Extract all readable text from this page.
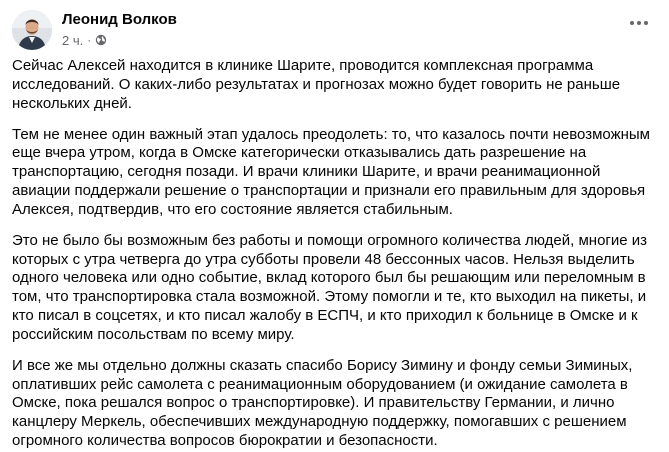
Леонид Волков
2 ч. ·

Сейчас Алексей находится в клинике Шарите, проводится комплексная программа исследований. О каких-либо результатах и прогнозах можно будет говорить не раньше нескольких дней.

Тем не менее один важный этап удалось преодолеть: то, что казалось почти невозможным еще вчера утром, когда в Омске категорически отказывались дать разрешение на транспортацию, сегодня позади. И врачи клиники Шарите, и врачи реанимационной авиации поддержали решение о транспортации и признали его правильным для здоровья Алексея, подтвердив, что его состояние является стабильным.

Это не было бы возможным без работы и помощи огромного количества людей, многие из которых с утра четверга до утра субботы провели 48 бессонных часов. Нельзя выделить одного человека или одно событие, вклад которого был бы решающим или переломным в том, что транспортировка стала возможной. Этому помогли и те, кто выходил на пикеты, и кто писал в соцсетях, и кто писал жалобу в ЕСПЧ, и кто приходил к больнице в Омске и к российским посольствам по всему миру.

И все же мы отдельно должны сказать спасибо Борису Зимину и фонду семьи Зиминых, оплативших рейс самолета с реанимационным оборудованием (и ожидание самолета в Омске, пока решался вопрос о транспортировке). И правительству Германии, и лично канцлеру Меркель, обеспечивших международную поддержку, помогавших с решением огромного количества вопросов бюрократии и безопасности.
